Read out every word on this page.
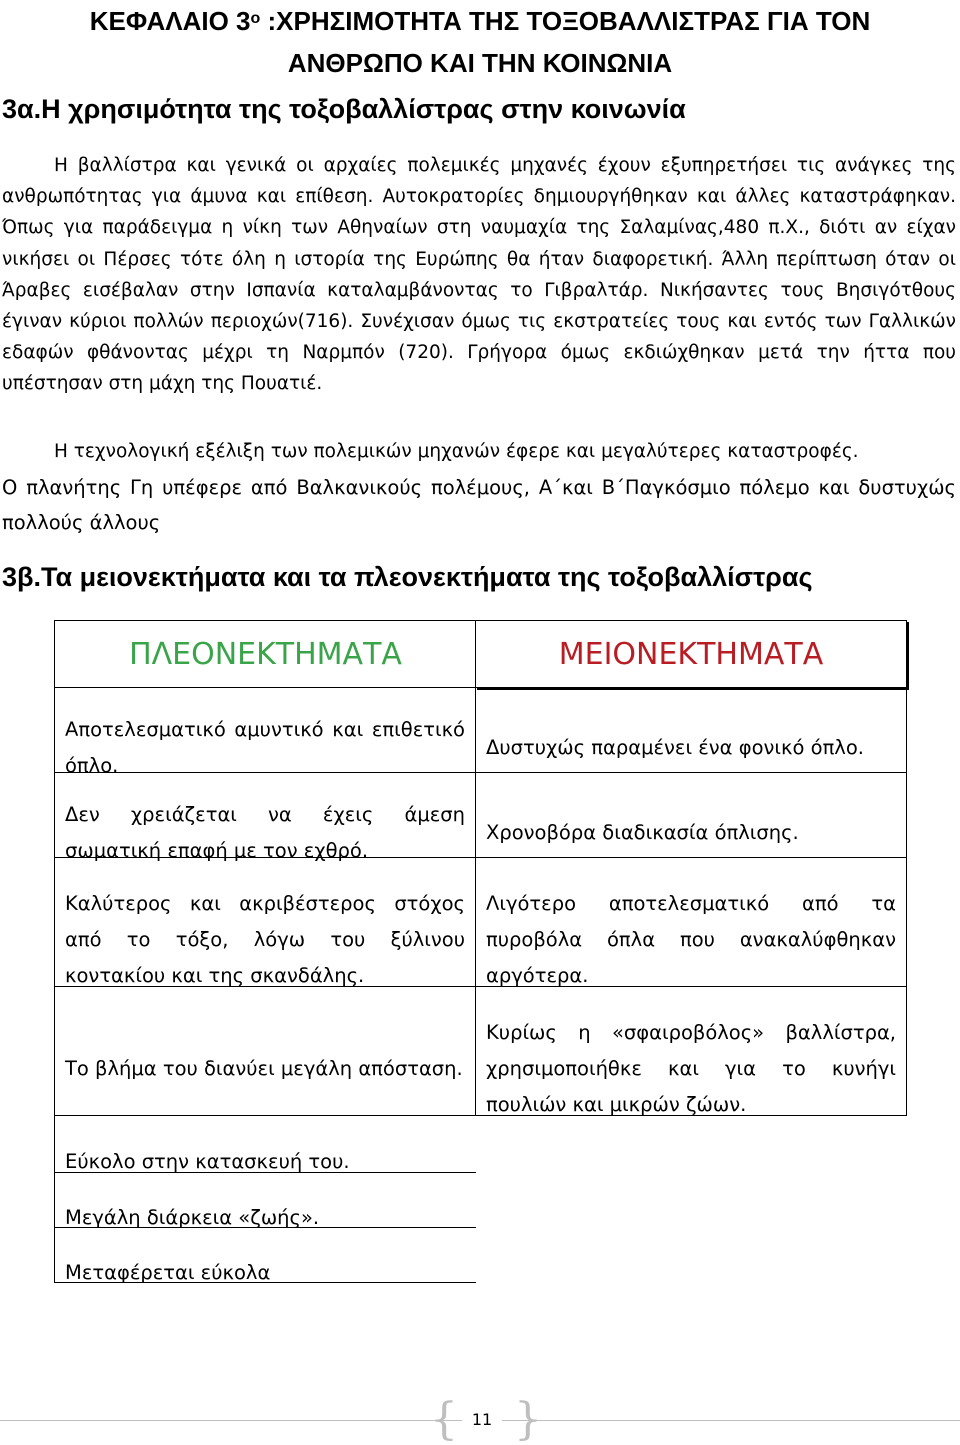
ΚΕΦΑΛΑΙΟ $3^o$ :ΧΡΗΣΙΜΟΤΗΤΑ ΤΗΣ ΤΟΞΟΒΑΛΛΙΣΤΡΑΣ ΓΙΑ ΤΟΝ
ΑΝΘΡΩΠΟ ΚΑΙ ΤΗΝ ΚΟΙΝΩΝΙΑ
3α.Η χρησιμότητα της τοξοβαλλίστρας στην κοινωνία
Η βαλλίστρα και γενικά οι αρχαίες πολεμικές μηχανές έχουν εξυπηρετήσει τις ανάγκες της ανθρωπότητας για άμυνα και επίθεση. Αυτοκρατορίες δημιουργήθηκαν και άλλες καταστράφηκαν. Όπως για παράδειγμα η νίκη των Αθηναίων στη ναυμαχία της Σαλαμίνας,480 π.Χ., διότι αν είχαν νικήσει οι Πέρσες τότε όλη η ιστορία της Ευρώπης θα ήταν διαφορετική. Άλλη περίπτωση όταν οι Άραβες εισέβαλαν στην Ισπανία καταλαμβάνοντας το Γιβραλτάρ. Νικήσαντες τους Βησιγότθους έγιναν κύριοι πολλών περιοχών(716). Συνέχισαν όμως τις εκστρατείες τους και εντός των Γαλλικών εδαφών φθάνοντας μέχρι τη Ναρμπόν (720). Γρήγορα όμως εκδιώχθηκαν μετά την ήττα που υπέστησαν στη μάχη της Πουατιέ.
Η τεχνολογική εξέλιξη των πολεμικών μηχανών έφερε και μεγαλύτερες καταστροφές.
Ο πλανήτης Γη υπέφερε από Βαλκανικούς πολέμους, Α΄και Β΄Παγκόσμιο πόλεμο και δυστυχώς πολλούς άλλους
3β.Τα μειονεκτήματα και τα πλεονεκτήματα της τοξοβαλλίστρας
ΠΛΕΟΝΕΚΤΗΜΑΤΑ	ΜΕΙΟΝΕΚΤΗΜΑΤΑ
Αποτελεσματικό αμυντικό και επιθετικό όπλο.
Δεν χρειάζεται να έχεις άμεση σωματική επαφή με τον εχθρό.
Καλύτερος και ακριβέστερος στόχος από το τόξο, λόγω του ξύλινου κοντακίου και της σκανδάλης.
Το βλήμα του διανύει μεγάλη απόσταση.
Εύκολο στην κατασκευή του.
Μεγάλη διάρκεια «ζωής».
Μεταφέρεται εύκολα
Δυστυχώς παραμένει ένα φονικό όπλο.
Χρονοβόρα διαδικασία όπλισης.
Λιγότερο αποτελεσματικό από τα πυροβόλα όπλα που ανακαλύφθηκαν αργότερα.
Κυρίως η «σφαιροβόλος» βαλλίστρα, χρησιμοποιήθκε και για το κυνήγι πουλιών και μικρών ζώων.
{ }
11
